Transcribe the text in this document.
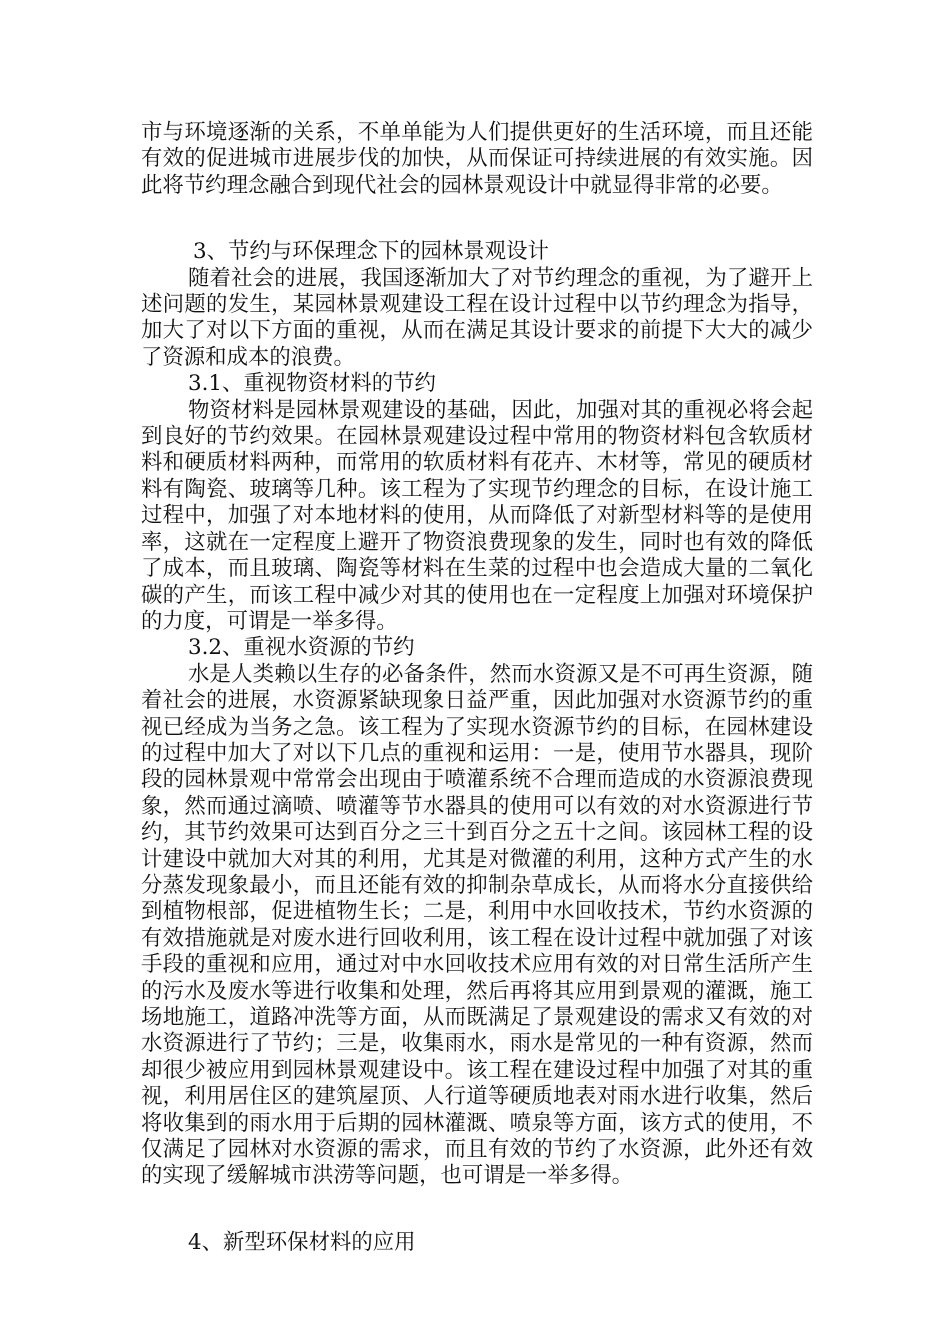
市与环境逐渐的关系，不单单能为人们提供更好的生活环境，而且还能有效的促进城市进展步伐的加快，从而保证可持续进展的有效实施。因此将节约理念融合到现代社会的园林景观设计中就显得非常的必要。

3、节约与环保理念下的园林景观设计

随着社会的进展，我国逐渐加大了对节约理念的重视，为了避开上述问题的发生，某园林景观建设工程在设计过程中以节约理念为指导，加大了对以下方面的重视，从而在满足其设计要求的前提下大大的减少了资源和成本的浪费。

3.1、重视物资材料的节约

物资材料是园林景观建设的基础，因此，加强对其的重视必将会起到良好的节约效果。在园林景观建设过程中常用的物资材料包含软质材料和硬质材料两种，而常用的软质材料有花卉、木材等，常见的硬质材料有陶瓷、玻璃等几种。该工程为了实现节约理念的目标，在设计施工过程中，加强了对本地材料的使用，从而降低了对新型材料等的是使用率，这就在一定程度上避开了物资浪费现象的发生，同时也有效的降低了成本，而且玻璃、陶瓷等材料在生菜的过程中也会造成大量的二氧化碳的产生，而该工程中减少对其的使用也在一定程度上加强对环境保护的力度，可谓是一举多得。

3.2、重视水资源的节约

水是人类赖以生存的必备条件，然而水资源又是不可再生资源，随着社会的进展，水资源紧缺现象日益严重，因此加强对水资源节约的重视已经成为当务之急。该工程为了实现水资源节约的目标，在园林建设的过程中加大了对以下几点的重视和运用：一是，使用节水器具，现阶段的园林景观中常常会出现由于喷灌系统不合理而造成的水资源浪费现象，然而通过滴喷、喷灌等节水器具的使用可以有效的对水资源进行节约，其节约效果可达到百分之三十到百分之五十之间。该园林工程的设计建设中就加大对其的利用，尤其是对微灌的利用，这种方式产生的水分蒸发现象最小，而且还能有效的抑制杂草成长，从而将水分直接供给到植物根部，促进植物生长；二是，利用中水回收技术，节约水资源的有效措施就是对废水进行回收利用，该工程在设计过程中就加强了对该手段的重视和应用，通过对中水回收技术应用有效的对日常生活所产生的污水及废水等进行收集和处理，然后再将其应用到景观的灌溉，施工场地施工，道路冲洗等方面，从而既满足了景观建设的需求又有效的对水资源进行了节约；三是，收集雨水，雨水是常见的一种有资源，然而却很少被应用到园林景观建设中。该工程在建设过程中加强了对其的重视，利用居住区的建筑屋顶、人行道等硬质地表对雨水进行收集，然后将收集到的雨水用于后期的园林灌溉、喷泉等方面，该方式的使用，不仅满足了园林对水资源的需求，而且有效的节约了水资源，此外还有效的实现了缓解城市洪涝等问题，也可谓是一举多得。

4、新型环保材料的应用
